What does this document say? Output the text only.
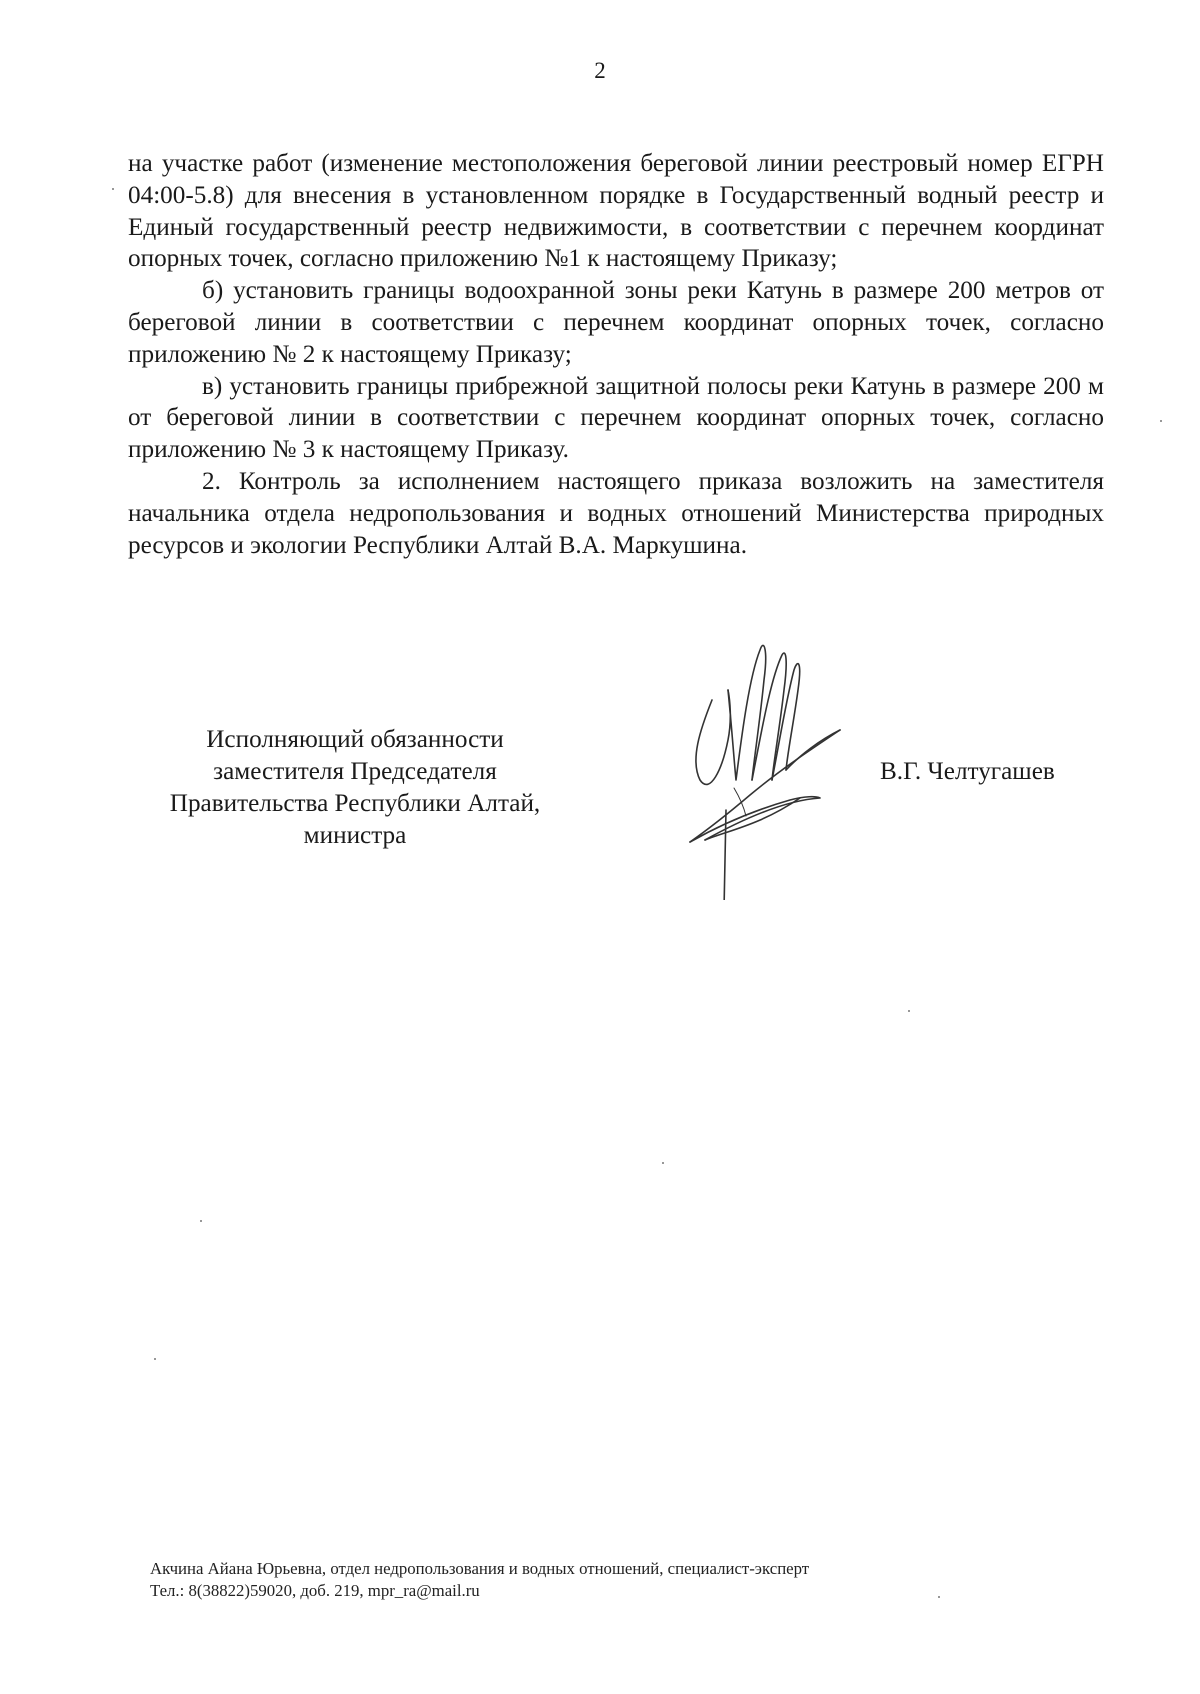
2

на участке работ (изменение местоположения береговой линии реестровый номер ЕГРН 04:00-5.8) для внесения в установленном порядке в Государственный водный реестр и Единый государственный реестр недвижимости, в соответствии с перечнем координат опорных точек, согласно приложению №1 к настоящему Приказу;

б) установить границы водоохранной зоны реки Катунь в размере 200 метров от береговой линии в соответствии с перечнем координат опорных точек, согласно приложению № 2 к настоящему Приказу;

в) установить границы прибрежной защитной полосы реки Катунь в размере 200 м от береговой линии в соответствии с перечнем координат опорных точек, согласно приложению № 3 к настоящему Приказу.

2. Контроль за исполнением настоящего приказа возложить на заместителя начальника отдела недропользования и водных отношений Министерства природных ресурсов и экологии Республики Алтай В.А. Маркушина.

Исполняющий обязанности
заместителя Председателя
Правительства Республики Алтай,
министра
В.Г. Челтугашев
Акчина Айана Юрьевна, отдел недропользования и водных отношений, специалист-эксперт
Тел.: 8(38822)59020, доб. 219, mpr_ra@mail.ru
